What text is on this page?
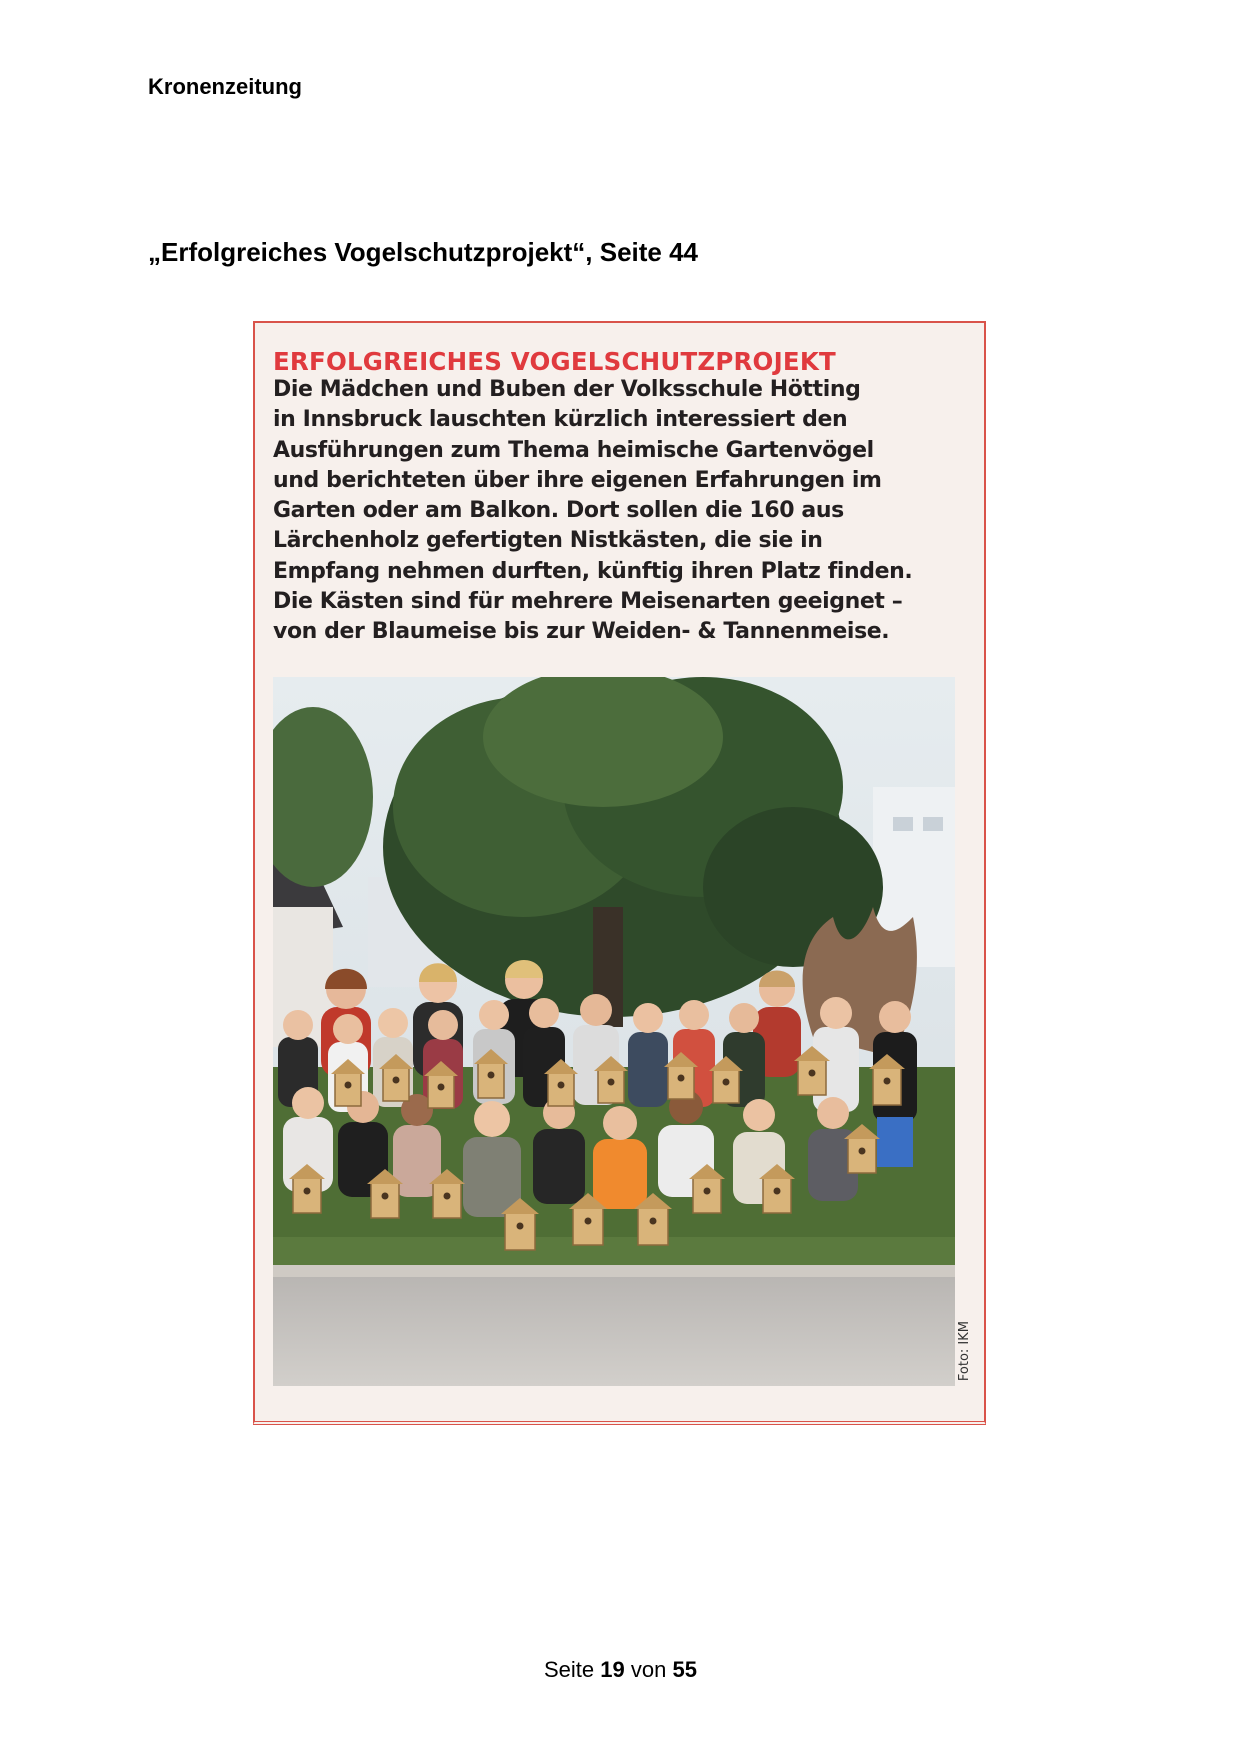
Kronenzeitung
„Erfolgreiches Vogelschutzprojekt“, Seite 44
ERFOLGREICHES VOGELSCHUTZPROJEKT

Die Mädchen und Buben der Volksschule Hötting
in Innsbruck lauschten kürzlich interessiert den
Ausführungen zum Thema heimische Gartenvögel
und berichteten über ihre eigenen Erfahrungen im
Garten oder am Balkon. Dort sollen die 160 aus
Lärchenholz gefertigten Nistkästen, die sie in
Empfang nehmen durften, künftig ihren Platz finden.
Die Kästen sind für mehrere Meisenarten geeignet –
von der Blaumeise bis zur Weiden- & Tannenmeise.

Foto: IKM
Seite 19 von 55
